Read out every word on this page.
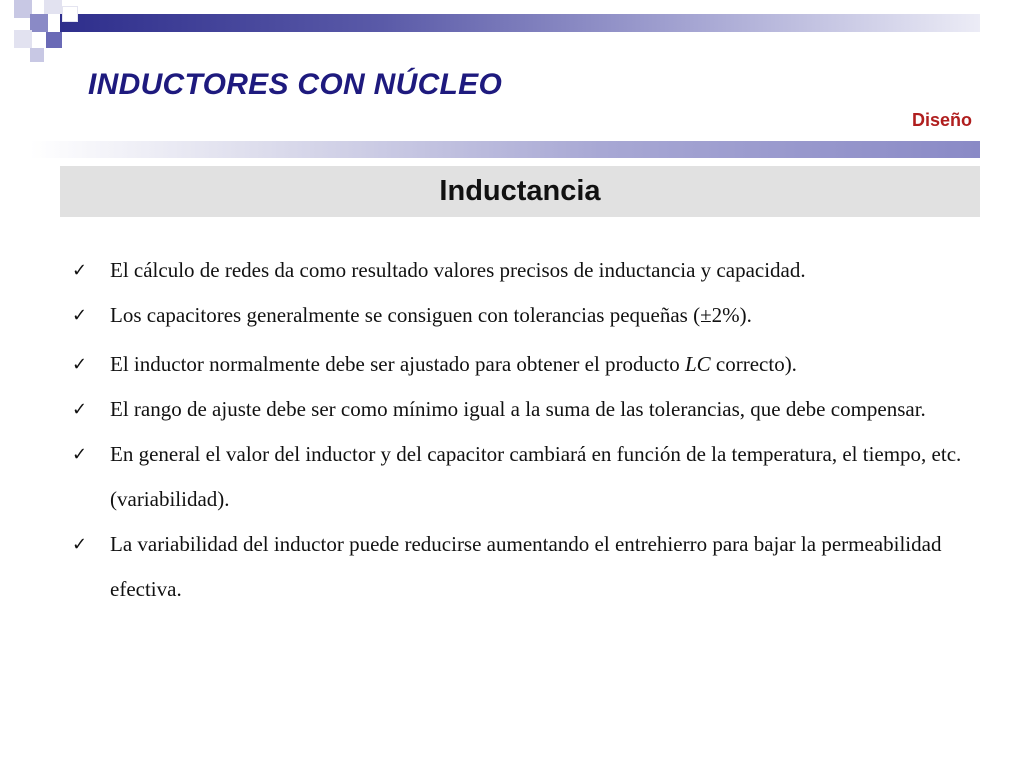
INDUCTORES CON NÚCLEO
Diseño
Inductancia
✓	El cálculo de redes da como resultado valores precisos de inductancia y capacidad.
✓	Los capacitores generalmente se consiguen con tolerancias pequeñas (±2%).
✓	El inductor normalmente debe ser ajustado para obtener el producto LC correcto).
✓	El rango de ajuste debe ser como mínimo igual a la suma de las tolerancias, que debe compensar.
✓	En general el valor del inductor y del capacitor cambiará en función de la temperatura, el tiempo, etc. (variabilidad).
✓	La variabilidad del inductor puede reducirse aumentando el entrehierro para bajar la permeabilidad efectiva.
